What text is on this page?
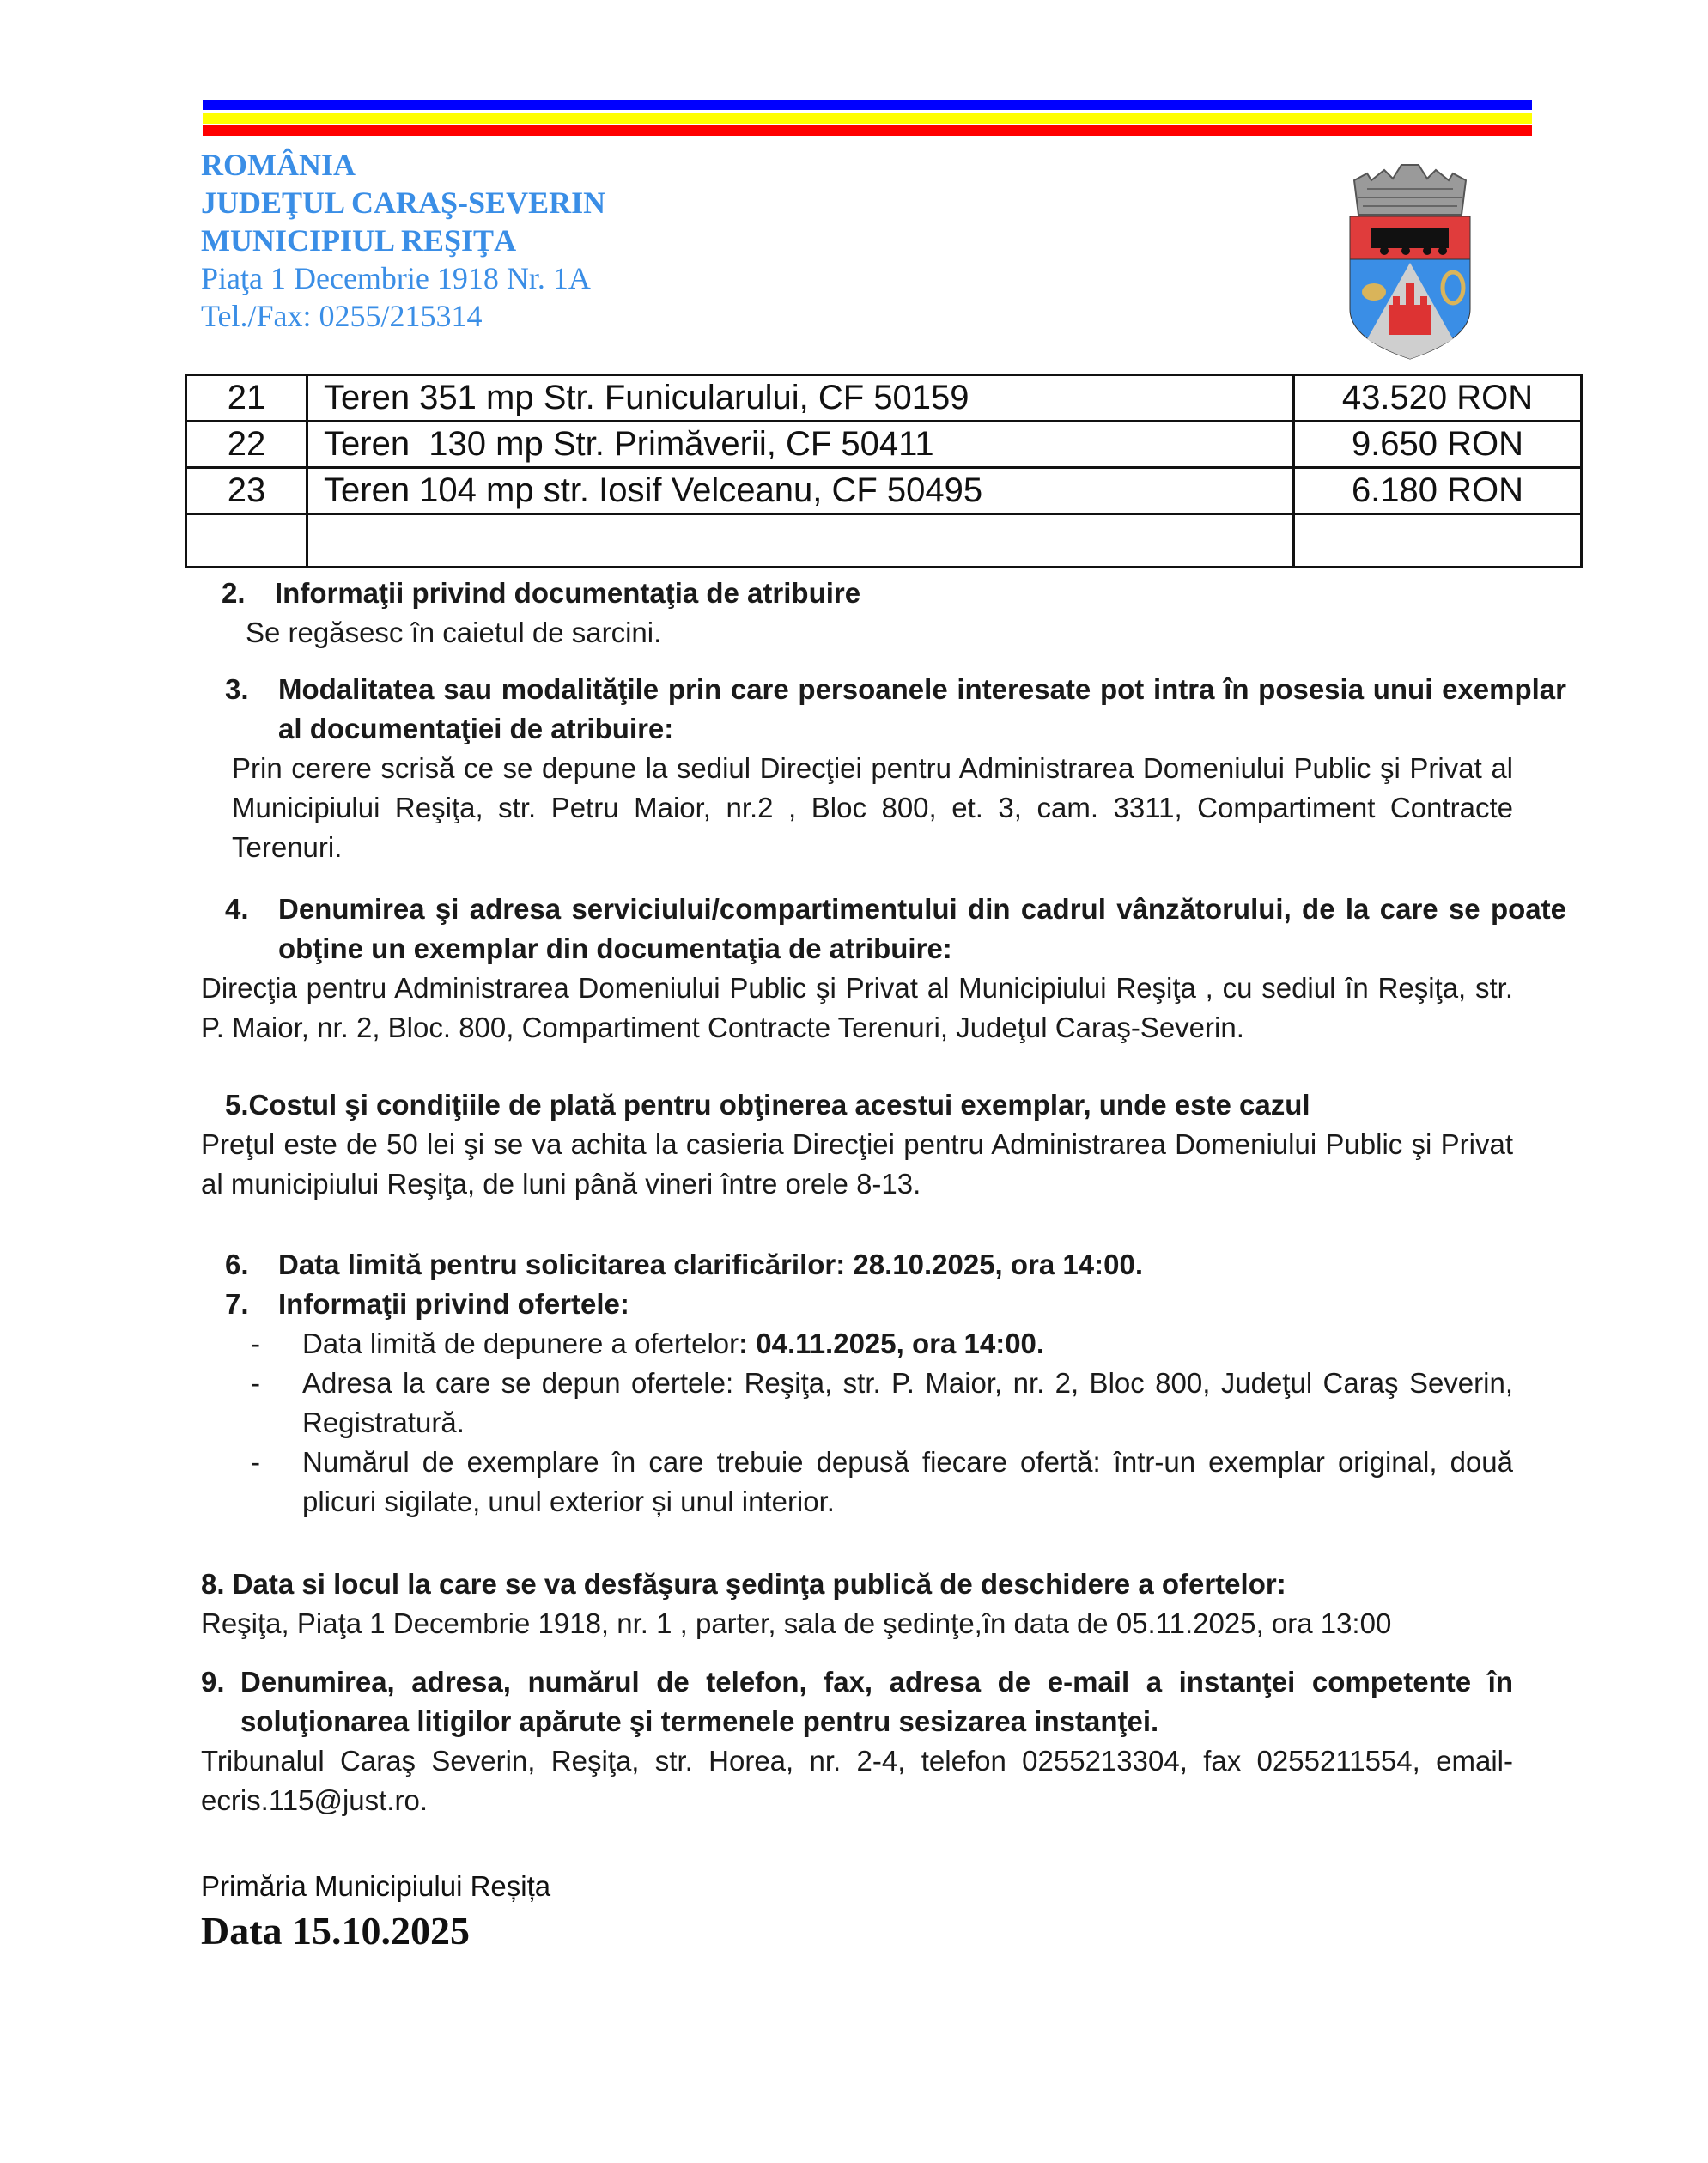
ROMÂNIA
JUDEŢUL CARAŞ-SEVERIN
MUNICIPIUL REŞIŢA
Piaţa 1 Decembrie 1918 Nr. 1A
Tel./Fax: 0255/215314
21	Teren 351 mp Str. Funicularului, CF 50159	43.520 RON
22	Teren  130 mp Str. Primăverii, CF 50411	9.650 RON
23	Teren 104 mp str. Iosif Velceanu, CF 50495	6.180 RON

2. Informaţii privind documentaţia de atribuire
Se regăsesc în caietul de sarcini.
3. Modalitatea sau modalităţile prin care persoanele interesate pot intra în posesia unui exemplar al documentaţiei de atribuire:
Prin cerere scrisă ce se depune la sediul Direcţiei pentru Administrarea Domeniului Public şi Privat al Municipiului Reşiţa, str. Petru Maior, nr.2 , Bloc 800, et. 3, cam. 3311, Compartiment Contracte Terenuri.
4. Denumirea şi adresa serviciului/compartimentului din cadrul vânzătorului, de la care se poate obţine un exemplar din documentaţia de atribuire:
Direcţia pentru Administrarea Domeniului Public şi Privat al Municipiului Reşiţa , cu sediul în Reşiţa, str. P. Maior, nr. 2, Bloc. 800, Compartiment Contracte Terenuri, Judeţul Caraş-Severin.
5.Costul şi condiţiile de plată pentru obţinerea acestui exemplar, unde este cazul
Preţul este de 50 lei şi se va achita la casieria Direcţiei pentru Administrarea Domeniului Public şi Privat al municipiului Reşiţa, de luni până vineri între orele 8-13.
6. Data limită pentru solicitarea clarificărilor: 28.10.2025, ora 14:00.
7. Informaţii privind ofertele:
- Data limită de depunere a ofertelor: 04.11.2025, ora 14:00.
- Adresa la care se depun ofertele: Reşiţa, str. P. Maior, nr. 2, Bloc 800, Judeţul Caraş Severin, Registratură.
- Numărul de exemplare în care trebuie depusă fiecare ofertă: într-un exemplar original, două plicuri sigilate, unul exterior și unul interior.
8. Data si locul la care se va desfăşura şedinţa publică de deschidere a ofertelor:
Reşiţa, Piaţa 1 Decembrie 1918, nr. 1 , parter, sala de şedinţe,în data de 05.11.2025, ora 13:00
9. Denumirea, adresa, numărul de telefon, fax, adresa de e-mail a instanţei competente în soluţionarea litigilor apărute şi termenele pentru sesizarea instanţei.
Tribunalul Caraş Severin, Reşiţa, str. Horea, nr. 2-4, telefon 0255213304, fax 0255211554, email-ecris.115@just.ro.
Primăria Municipiului Reșița
Data 15.10.2025
